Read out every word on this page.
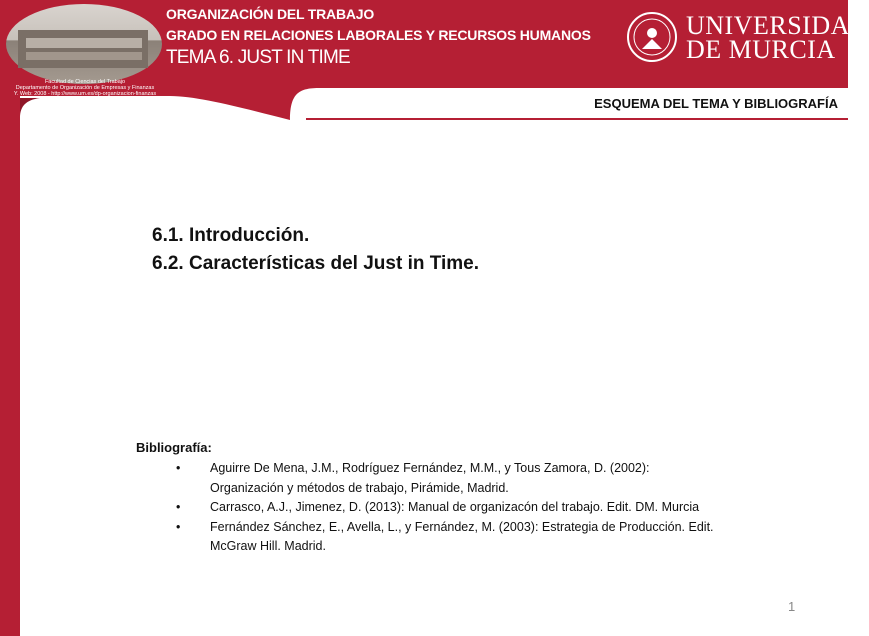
ORGANIZACIÓN DEL TRABAJO
GRADO EN RELACIONES LABORALES Y RECURSOS HUMANOS
TEMA 6. JUST IN TIME
Facultad de Ciencias del Trabajo
Departamento de Organización de Empresas y Finanzas
Y. Web: 2008 - http://www.um.es/dp-organizacion-finanzas
UNIVERSIDAD
DE MURCIA
ESQUEMA DEL TEMA Y BIBLIOGRAFÍA
6.1. Introducción.
6.2. Características del Just in Time.
Bibliografía:
• Aguirre De Mena, J.M., Rodríguez Fernández, M.M., y Tous Zamora, D. (2002):
Organización y métodos de trabajo, Pirámide, Madrid.
• Carrasco, A.J., Jimenez, D. (2013): Manual de organizacón del trabajo. Edit. DM. Murcia
• Fernández Sánchez, E., Avella, L., y Fernández, M. (2003): Estrategia de Producción. Edit.
McGraw Hill. Madrid.
1
